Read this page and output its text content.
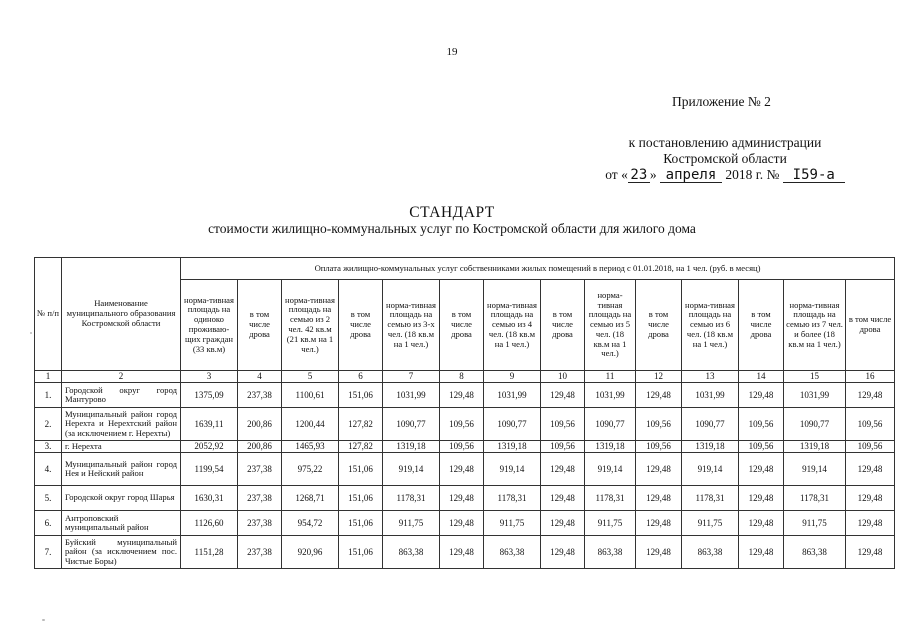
19
Приложение № 2
к постановлению администрации
Костромской области
от « 23 » апреля 2018 г. № I59-а
СТАНДАРТ
стоимости жилищно-коммунальных услуг по Костромской области для жилого дома
№ п/п	Наименование муниципального образования Костромской области	Оплата жилищно-коммунальных услуг собственниками жилых помещений в период с 01.01.2018, на 1 чел. (руб. в месяц)													
		норма-тивная площадь на одиноко проживаю-щих граждан (33 кв.м)	в том числе дрова	норма-тивная площадь на семью из 2 чел. 42 кв.м (21 кв.м на 1 чел.)	в том числе дрова	норма-тивная площадь на семью из 3-х чел. (18 кв.м на 1 чел.)	в том числе дрова	норма-тивная площадь на семью из 4 чел. (18 кв.м на 1 чел.)	в том числе дрова	норма-тивная площадь на семью из 5 чел. (18 кв.м на 1 чел.)	в том числе дрова	норма-тивная площадь на семью из 6 чел. (18 кв.м на 1 чел.)	в том числе дрова	норма-тивная площадь на семью из 7 чел. и более (18 кв.м на 1 чел.)	в том числе дрова
1	2	3	4	5	6	7	8	9	10	11	12	13	14	15	16
1.	Городской округ город Мантурово	1375,09	237,38	1100,61	151,06	1031,99	129,48	1031,99	129,48	1031,99	129,48	1031,99	129,48	1031,99	129,48
2.	Муниципальный район город Нерехта и Нерехтский район (за исключением г. Нерехты)	1639,11	200,86	1200,44	127,82	1090,77	109,56	1090,77	109,56	1090,77	109,56	1090,77	109,56	1090,77	109,56
3.	г. Нерехта	2052,92	200,86	1465,93	127,82	1319,18	109,56	1319,18	109,56	1319,18	109,56	1319,18	109,56	1319,18	109,56
4.	Муниципальный район город Нея и Нейский район	1199,54	237,38	975,22	151,06	919,14	129,48	919,14	129,48	919,14	129,48	919,14	129,48	919,14	129,48
5.	Городской округ город Шарья	1630,31	237,38	1268,71	151,06	1178,31	129,48	1178,31	129,48	1178,31	129,48	1178,31	129,48	1178,31	129,48
6.	Антроповский муниципальный район	1126,60	237,38	954,72	151,06	911,75	129,48	911,75	129,48	911,75	129,48	911,75	129,48	911,75	129,48
7.	Буйский муниципальный район (за исключением пос. Чистые Боры)	1151,28	237,38	920,96	151,06	863,38	129,48	863,38	129,48	863,38	129,48	863,38	129,48	863,38	129,48
